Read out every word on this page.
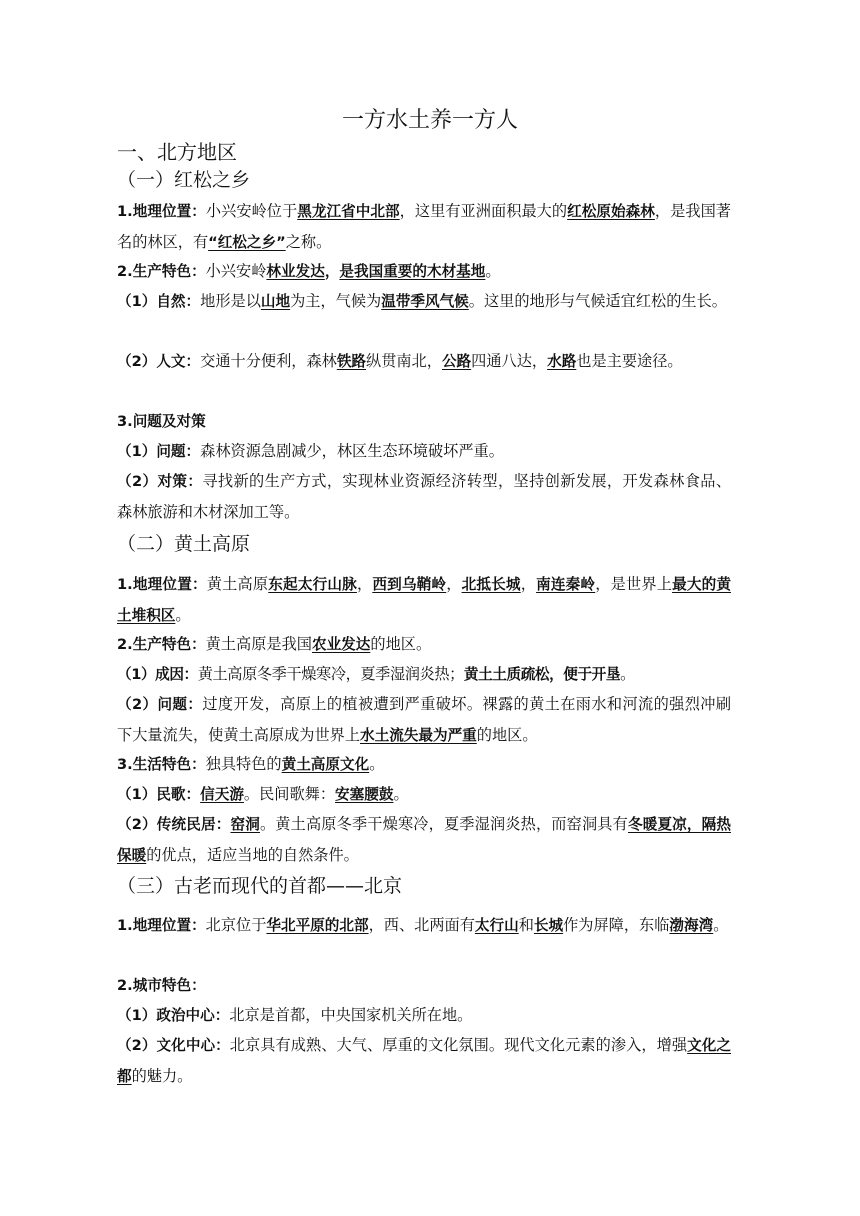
一方水土养一方人
一、北方地区
（一）红松之乡
1.地理位置：小兴安岭位于黑龙江省中北部，这里有亚洲面积最大的红松原始森林，是我国著名的林区，有“红松之乡”之称。
2.生产特色：小兴安岭林业发达，是我国重要的木材基地。
（1）自然：地形是以山地为主，气候为温带季风气候。这里的地形与气候适宜红松的生长。
（2）人文：交通十分便利，森林铁路纵贯南北，公路四通八达，水路也是主要途径。
3.问题及对策
（1）问题：森林资源急剧减少，林区生态环境破坏严重。
（2）对策：寻找新的生产方式，实现林业资源经济转型，坚持创新发展，开发森林食品、森林旅游和木材深加工等。
（二）黄土高原
1.地理位置：黄土高原东起太行山脉，西到乌鞘岭，北抵长城，南连秦岭，是世界上最大的黄土堆积区。
2.生产特色：黄土高原是我国农业发达的地区。
（1）成因：黄土高原冬季干燥寒冷，夏季湿润炎热；黄土土质疏松，便于开垦。
（2）问题：过度开发，高原上的植被遭到严重破坏。裸露的黄土在雨水和河流的强烈冲刷下大量流失，使黄土高原成为世界上水土流失最为严重的地区。
3.生活特色：独具特色的黄土高原文化。
（1）民歌：信天游。民间歌舞：安塞腰鼓。
（2）传统民居：窑洞。黄土高原冬季干燥寒冷，夏季湿润炎热，而窑洞具有冬暖夏凉，隔热保暖的优点，适应当地的自然条件。
（三）古老而现代的首都——北京
1.地理位置：北京位于华北平原的北部，西、北两面有太行山和长城作为屏障，东临渤海湾。
2.城市特色：
（1）政治中心：北京是首都，中央国家机关所在地。
（2）文化中心：北京具有成熟、大气、厚重的文化氛围。现代文化元素的渗入，增强文化之都的魅力。
